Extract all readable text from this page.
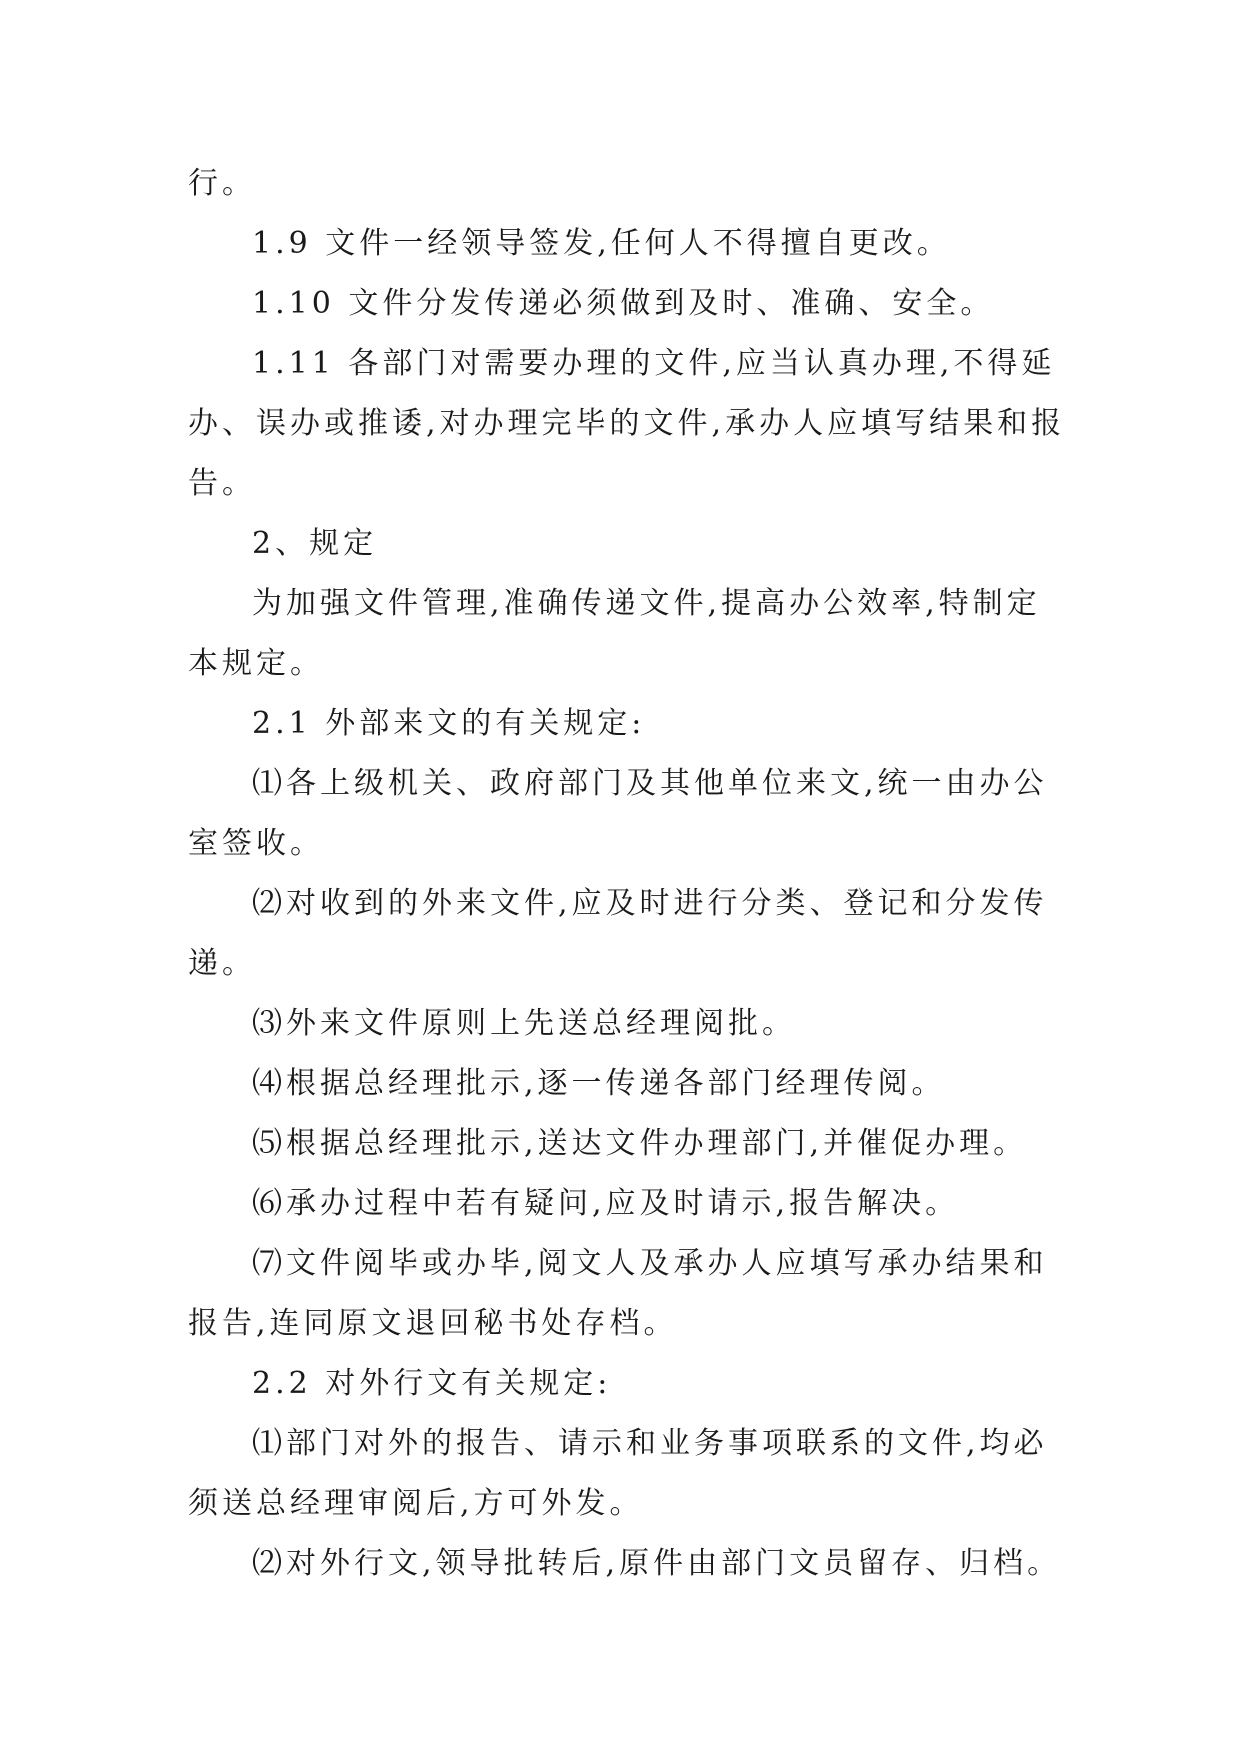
行。
1.9 文件一经领导签发,任何人不得擅自更改。
1.10 文件分发传递必须做到及时、准确、安全。
1.11 各部门对需要办理的文件,应当认真办理,不得延
办、误办或推诿,对办理完毕的文件,承办人应填写结果和报
告。
2、规定
为加强文件管理,准确传递文件,提高办公效率,特制定
本规定。
2.1 外部来文的有关规定:
⑴各上级机关、政府部门及其他单位来文,统一由办公
室签收。
⑵对收到的外来文件,应及时进行分类、登记和分发传
递。
⑶外来文件原则上先送总经理阅批。
⑷根据总经理批示,逐一传递各部门经理传阅。
⑸根据总经理批示,送达文件办理部门,并催促办理。
⑹承办过程中若有疑问,应及时请示,报告解决。
⑺文件阅毕或办毕,阅文人及承办人应填写承办结果和
报告,连同原文退回秘书处存档。
2.2 对外行文有关规定:
⑴部门对外的报告、请示和业务事项联系的文件,均必
须送总经理审阅后,方可外发。
⑵对外行文,领导批转后,原件由部门文员留存、归档。
